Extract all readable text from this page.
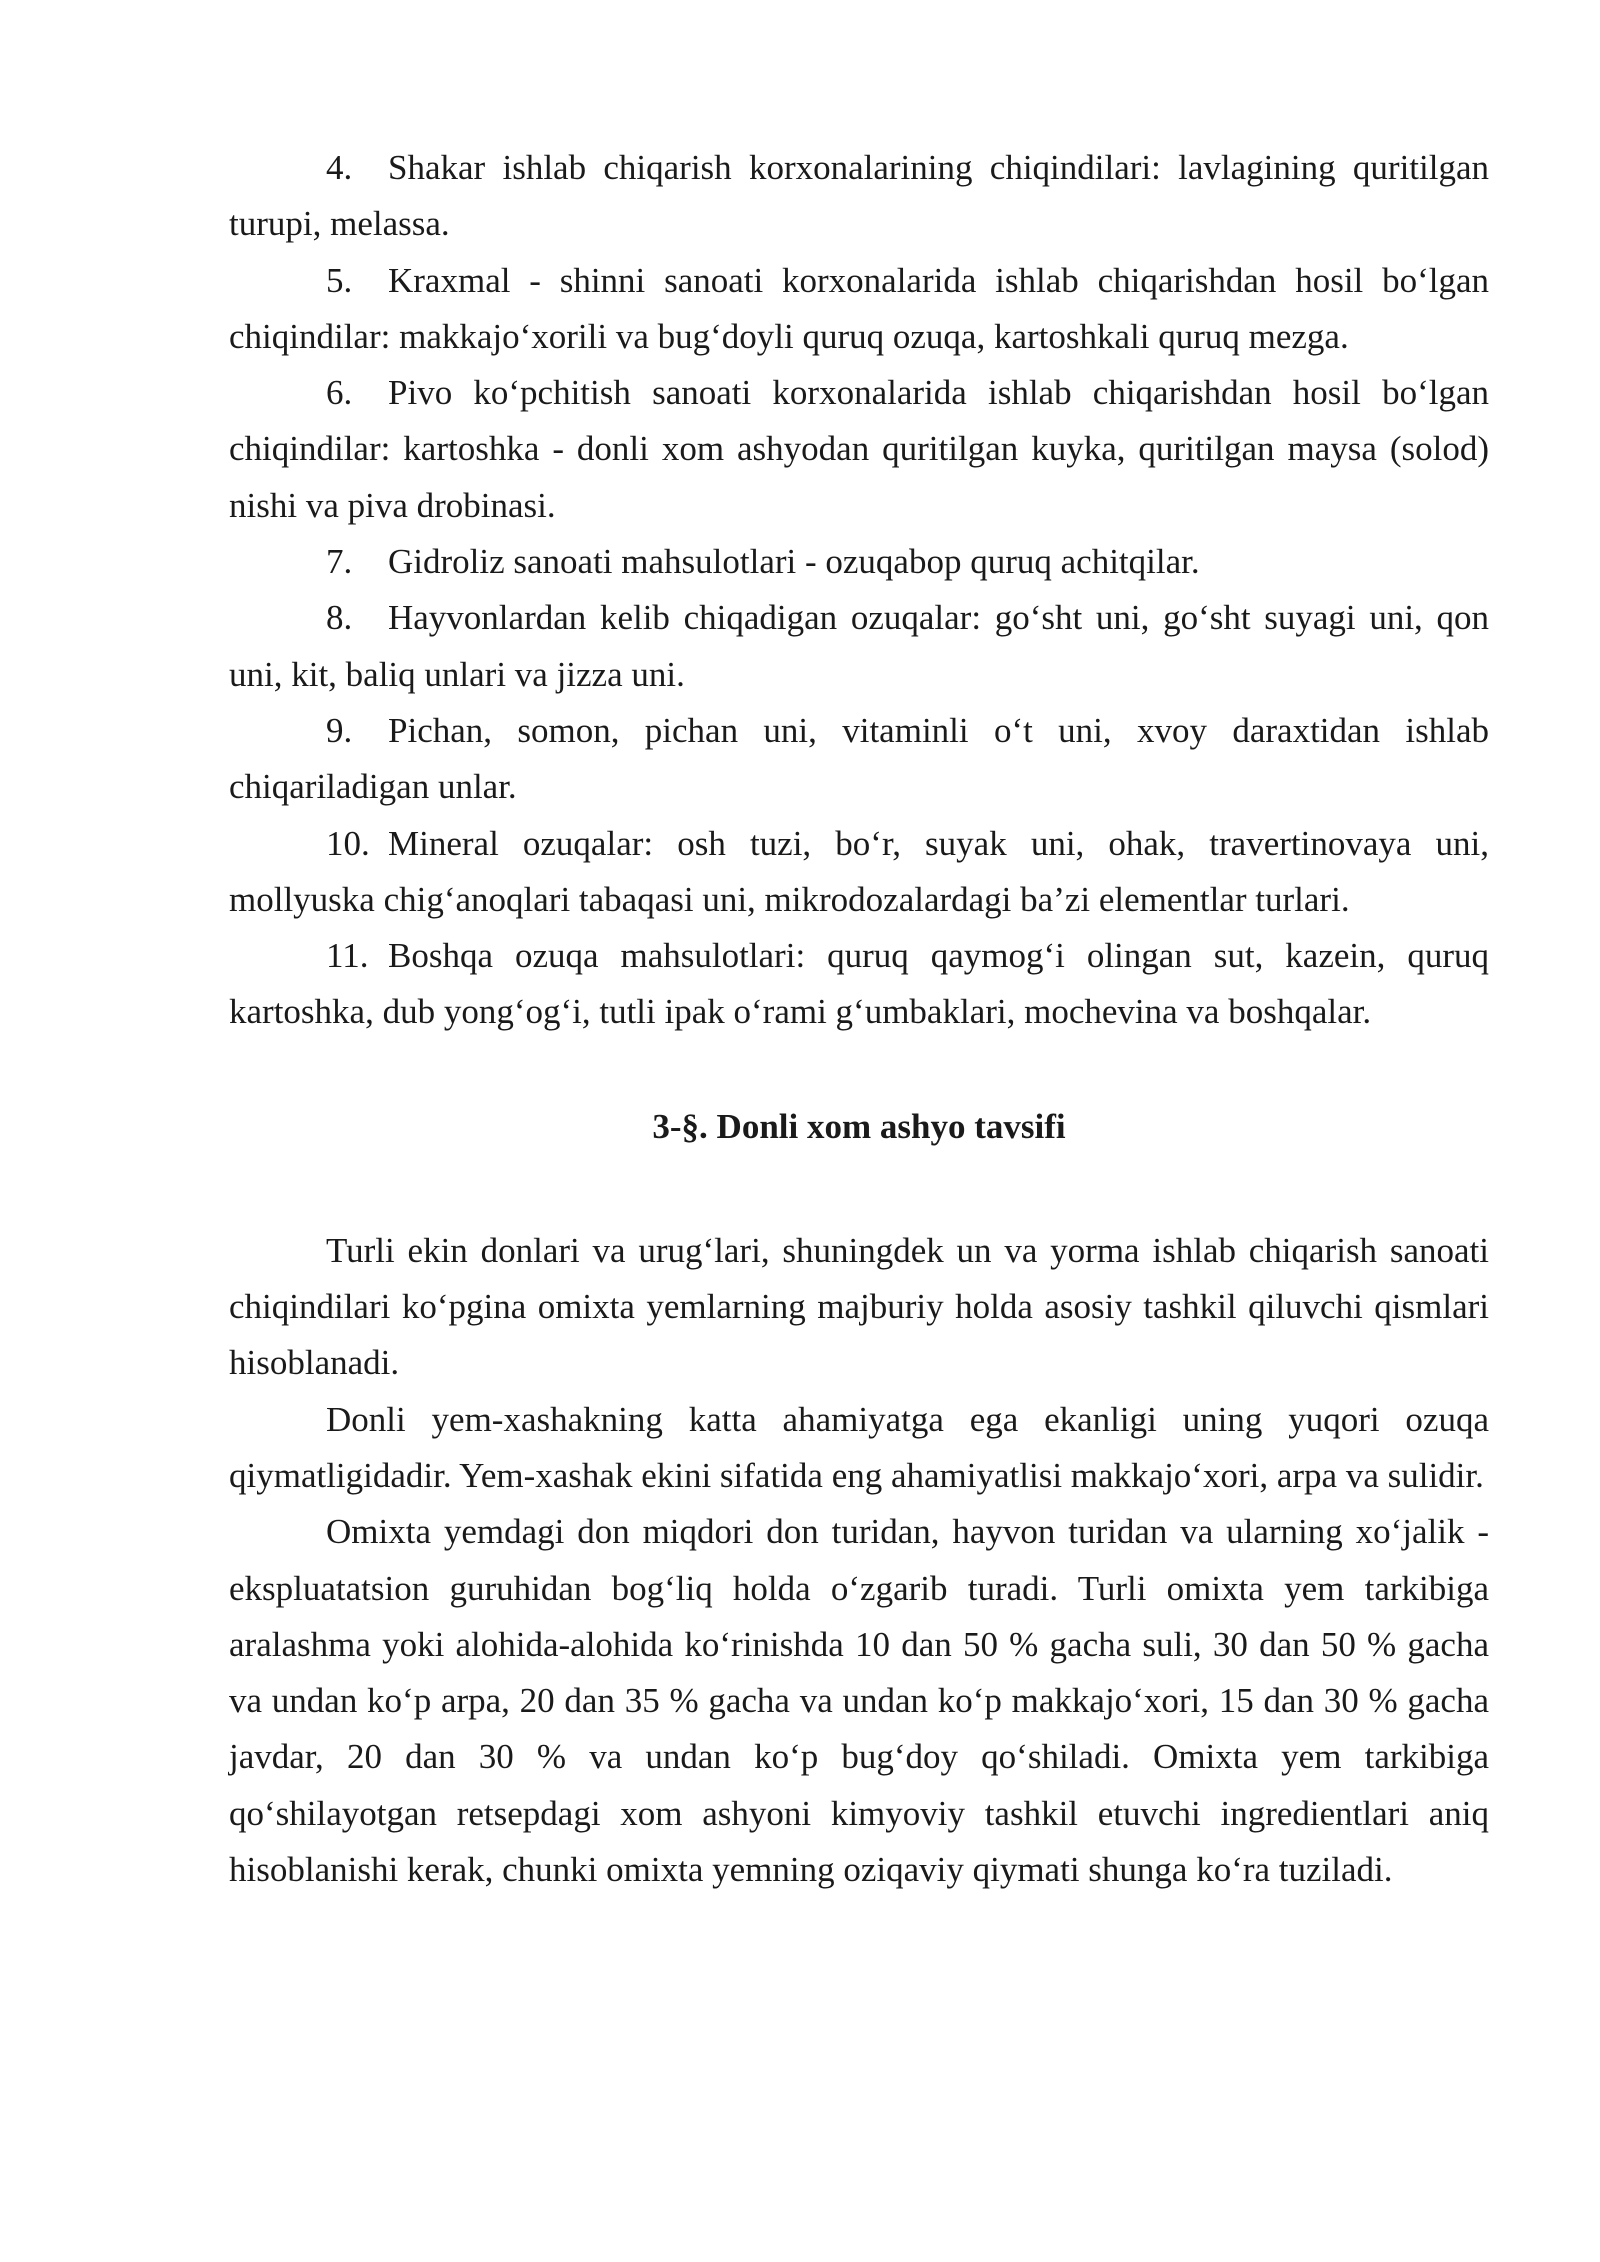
4. Shakar ishlab chiqarish korxonalarining chiqindilari: lavlagining quritilgan turupi, melassa.

5. Kraxmal - shinni sanoati korxonalarida ishlab chiqarishdan hosil bo‘lgan chiqindilar: makkajo‘xorili va bug‘doyli quruq ozuqa, kartoshkali quruq mezga.

6. Pivo ko‘pchitish sanoati korxonalarida ishlab chiqarishdan hosil bo‘lgan chiqindilar: kartoshka - donli xom ashyodan quritilgan kuyka, quritilgan maysa (solod) nishi va piva drobinasi.

7. Gidroliz sanoati mahsulotlari - ozuqabop quruq achitqilar.

8. Hayvonlardan kelib chiqadigan ozuqalar: go‘sht uni, go‘sht suyagi uni, qon uni, kit, baliq unlari va jizza uni.

9. Pichan, somon, pichan uni, vitaminli o‘t uni, xvoy daraxtidan ishlab chiqariladigan unlar.

10. Mineral ozuqalar: osh tuzi, bo‘r, suyak uni, ohak, travertinovaya uni, mollyuska chig‘anoqlari tabaqasi uni, mikrodozalardagi ba’zi elementlar turlari.

11. Boshqa ozuqa mahsulotlari: quruq qaymog‘i olingan sut, kazein, quruq kartoshka, dub yong‘og‘i, tutli ipak o‘rami g‘umbaklari, mochevina va boshqalar.

3-§. Donli xom ashyo tavsifi

Turli ekin donlari va urug‘lari, shuningdek un va yorma ishlab chiqarish sanoati chiqindilari ko‘pgina omixta yemlarning majburiy holda asosiy tashkil qiluvchi qismlari hisoblanadi.

Donli yem-xashakning katta ahamiyatga ega ekanligi uning yuqori ozuqa qiymatligidadir. Yem-xashak ekini sifatida eng ahamiyatlisi makkajo‘xori, arpa va sulidir.

Omixta yemdagi don miqdori don turidan, hayvon turidan va ularning xo‘jalik - ekspluatatsion guruhidan bog‘liq holda o‘zgarib turadi. Turli omixta yem tarkibiga aralashma yoki alohida-alohida ko‘rinishda 10 dan 50 % gacha suli, 30 dan 50 % gacha va undan ko‘p arpa, 20 dan 35 % gacha va undan ko‘p makkajo‘xori, 15 dan 30 % gacha javdar, 20 dan 30 % va undan ko‘p bug‘doy qo‘shiladi. Omixta yem tarkibiga qo‘shilayotgan retsepdagi xom ashyoni kimyoviy tashkil etuvchi ingredientlari aniq hisoblanishi kerak, chunki omixta yemning oziqaviy qiymati shunga ko‘ra tuziladi.
